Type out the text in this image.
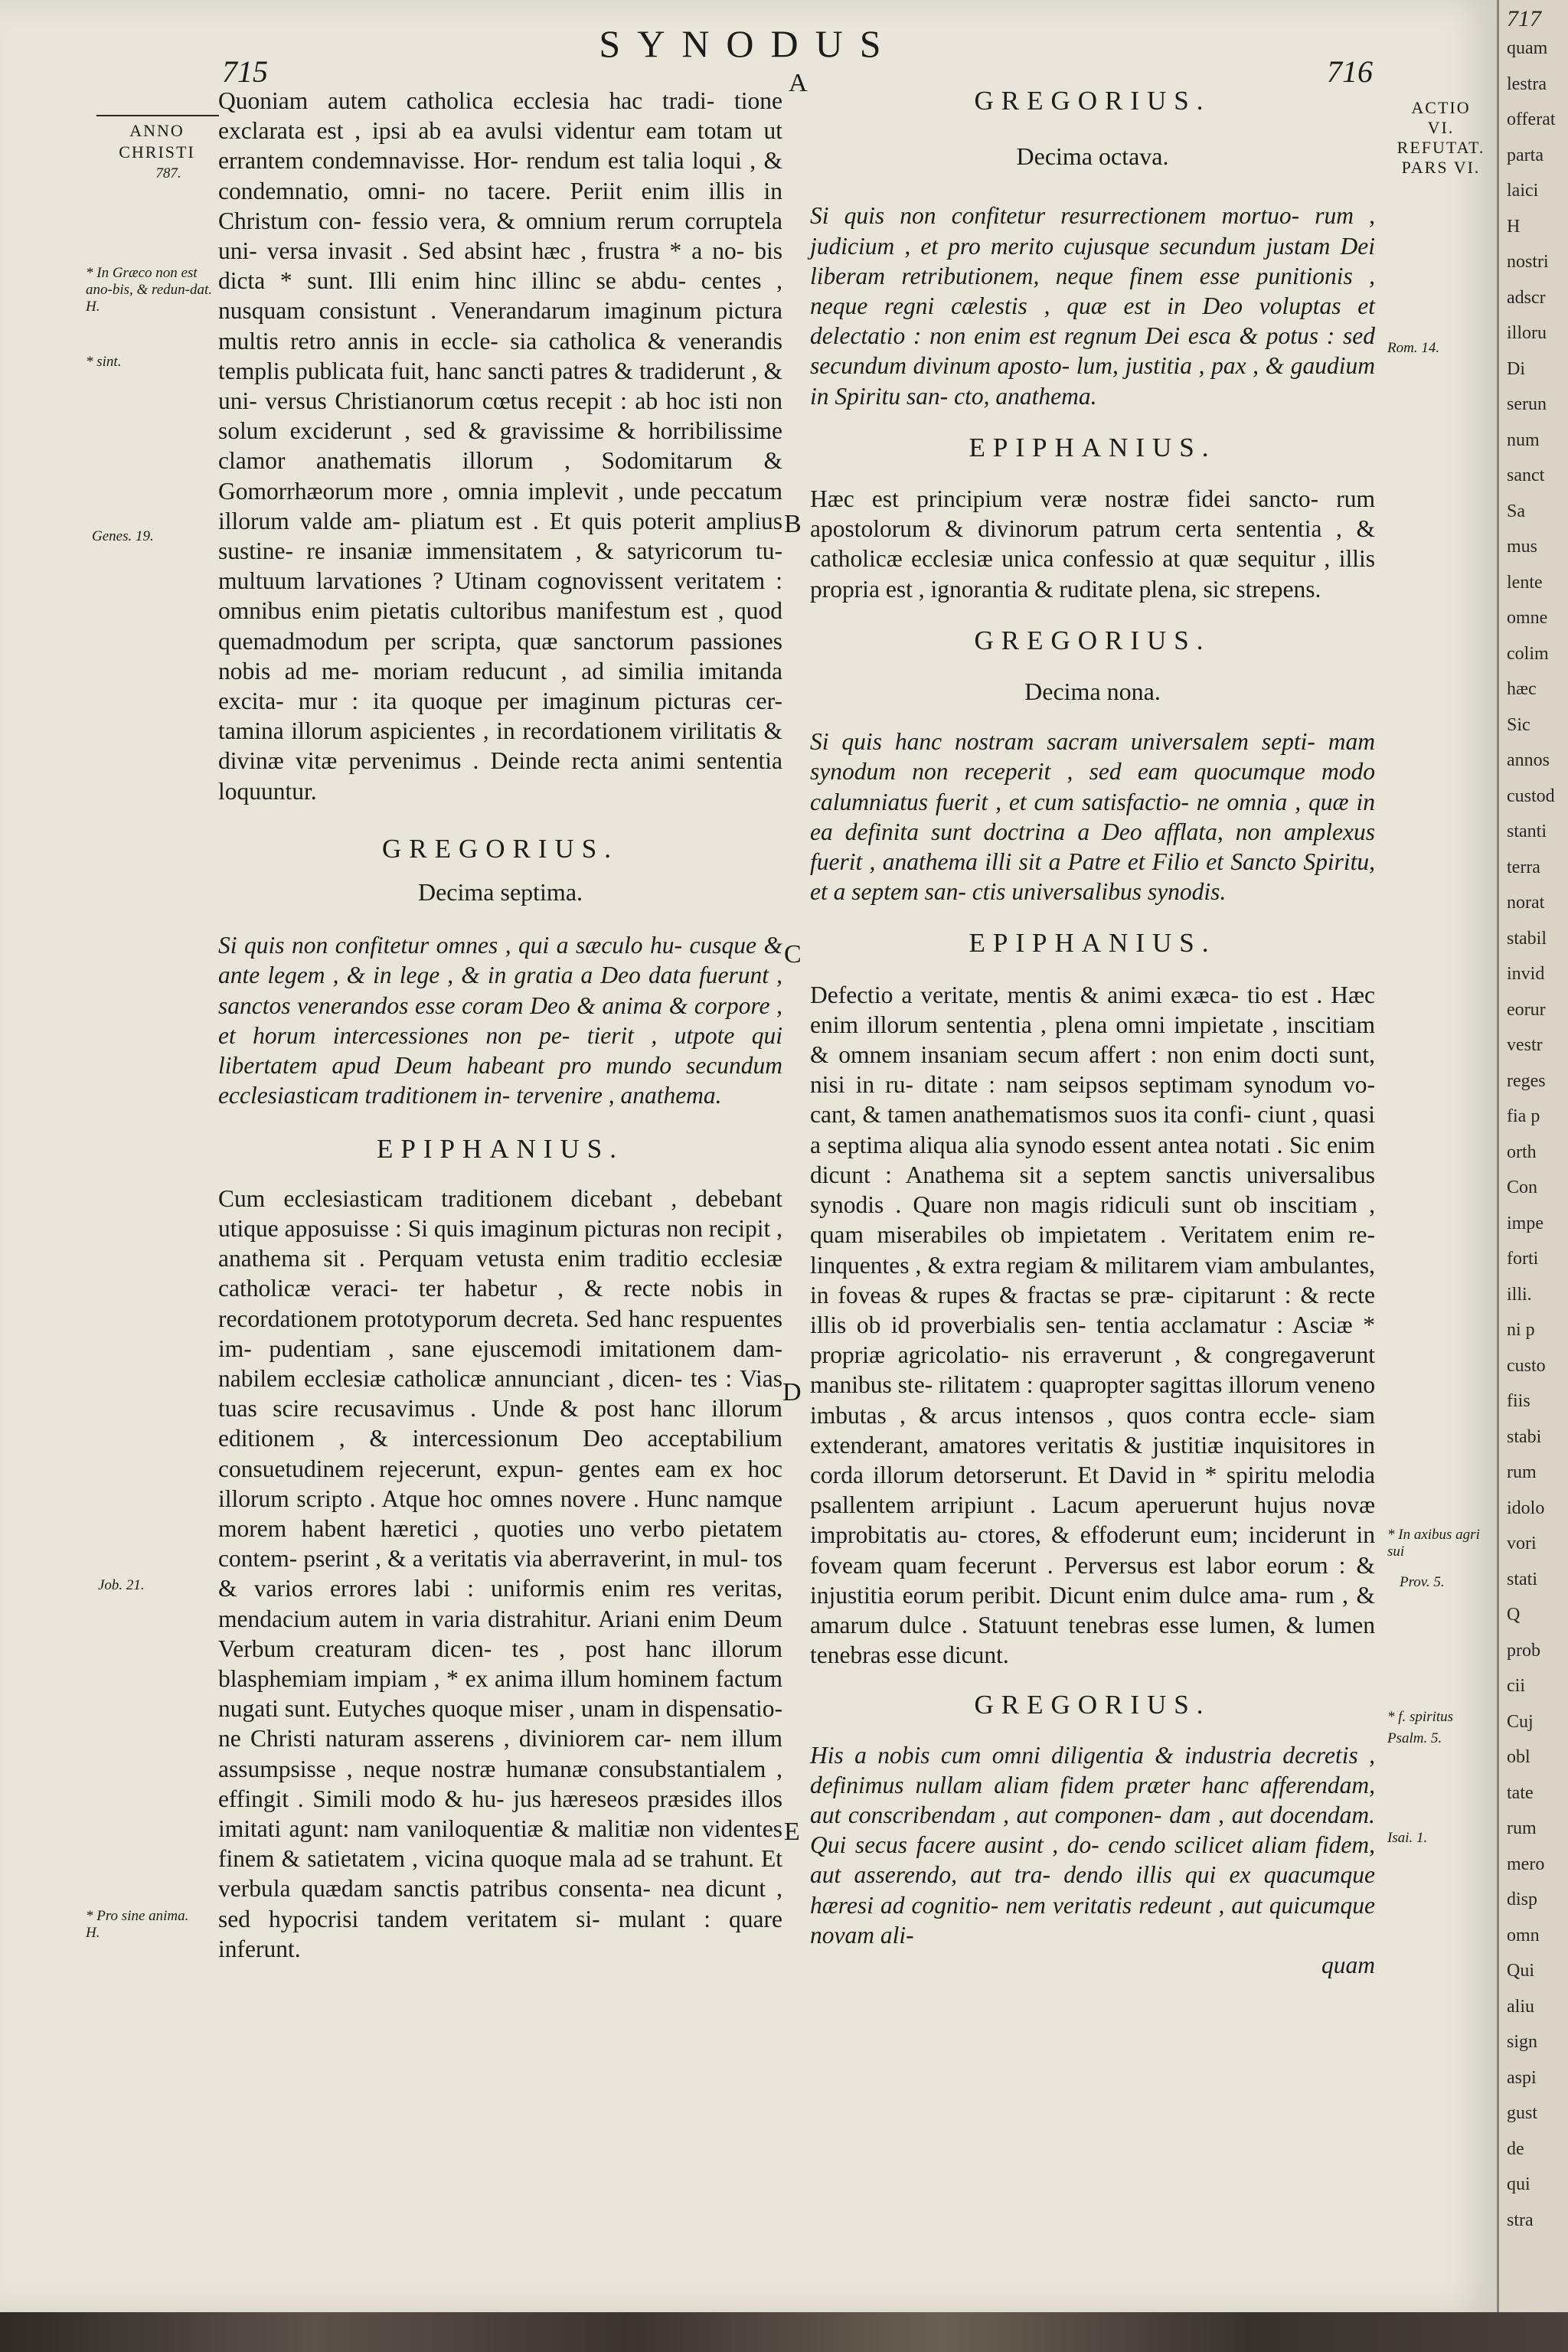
SYNODUS
715	716
ANNO
CHRISTI
787.
* In Græco non est ano-bis, & redun-dat. H.
* sint.
Genes. 19.
Job. 21.
* Pro sine anima. H.
A
B
C
D
E

Quoniam autem catholica ecclesia hac tradi- tione exclarata est , ipsi ab ea avulsi videntur eam totam ut errantem condemnavisse. Hor- rendum est talia loqui , & condemnatio, omni- no tacere. Periit enim illis in Christum con- fessio vera, & omnium rerum corruptela uni- versa invasit . Sed absint hæc , frustra * a no- bis dicta * sunt. Illi enim hinc illinc se abdu- centes , nusquam consistunt . Venerandarum imaginum pictura multis retro annis in eccle- sia catholica & venerandis templis publicata fuit, hanc sancti patres & tradiderunt , & uni- versus Christianorum cœtus recepit : ab hoc isti non solum exciderunt , sed & gravissime & horribilissime clamor anathematis illorum , Sodomitarum & Gomorrhæorum more , omnia implevit , unde peccatum illorum valde am- pliatum est . Et quis poterit amplius sustine- re insaniæ immensitatem , & satyricorum tu- multuum larvationes ? Utinam cognovissent veritatem : omnibus enim pietatis cultoribus manifestum est , quod quemadmodum per scripta, quæ sanctorum passiones nobis ad me- moriam reducunt , ad similia imitanda excita- mur : ita quoque per imaginum picturas cer- tamina illorum aspicientes , in recordationem virilitatis & divinæ vitæ pervenimus . Deinde recta animi sententia loquuntur.

GREGORIUS.
Decima septima.

Si quis non confitetur omnes , qui a sæculo hu- cusque & ante legem , & in lege , & in gratia a Deo data fuerunt , sanctos venerandos esse coram Deo & anima & corpore , et horum intercessiones non pe- tierit , utpote qui libertatem apud Deum habeant pro mundo secundum ecclesiasticam traditionem in- tervenire , anathema.

EPIPHANIUS.

Cum ecclesiasticam traditionem dicebant , debebant utique apposuisse : Si quis imaginum picturas non recipit , anathema sit . Perquam vetusta enim traditio ecclesiæ catholicæ veraci- ter habetur , & recte nobis in recordationem prototyporum decreta. Sed hanc respuentes im- pudentiam , sane ejuscemodi imitationem dam- nabilem ecclesiæ catholicæ annunciant , dicen- tes : Vias tuas scire recusavimus . Unde & post hanc illorum editionem , & intercessionum Deo acceptabilium consuetudinem rejecerunt, expun- gentes eam ex hoc illorum scripto . Atque hoc omnes novere . Hunc namque morem habent hæretici , quoties uno verbo pietatem contem- pserint , & a veritatis via aberraverint, in mul- tos & varios errores labi : uniformis enim res veritas, mendacium autem in varia distrahitur. Ariani enim Deum Verbum creaturam dicen- tes , post hanc illorum blasphemiam impiam , * ex anima illum hominem factum nugati sunt. Eutyches quoque miser , unam in dispensatio- ne Christi naturam asserens , diviniorem car- nem illum assumpsisse , neque nostræ humanæ consubstantialem , effingit . Simili modo & hu- jus hæreseos præsides illos imitati agunt: nam vaniloquentiæ & malitiæ non videntes finem & satietatem , vicina quoque mala ad se trahunt. Et verbula quædam sanctis patribus consenta- nea dicunt , sed hypocrisi tandem veritatem si- mulant : quare inferunt.

ACTIO
VI.
REFUTAT.
PARS VI.
Rom. 14.
* In axibus agri sui
Prov. 5.
* f. spiritus
Psalm. 5.
Isai. 1.
GREGORIUS.
Decima octava.

Si quis non confitetur resurrectionem mortuo- rum , judicium , et pro merito cujusque secundum justam Dei liberam retributionem, neque finem esse punitionis , neque regni cælestis , quæ est in Deo voluptas et delectatio : non enim est regnum Dei esca & potus : sed secundum divinum aposto- lum, justitia , pax , & gaudium in Spiritu san- cto, anathema.

EPIPHANIUS.

Hæc est principium veræ nostræ fidei sancto- rum apostolorum & divinorum patrum certa sententia , & catholicæ ecclesiæ unica confessio at quæ sequitur , illis propria est , ignorantia & ruditate plena, sic strepens.

GREGORIUS.
Decima nona.

Si quis hanc nostram sacram universalem septi- mam synodum non receperit , sed eam quocumque modo calumniatus fuerit , et cum satisfactio- ne omnia , quæ in ea definita sunt doctrina a Deo afflata, non amplexus fuerit , anathema illi sit a Patre et Filio et Sancto Spiritu, et a septem san- ctis universalibus synodis.

EPIPHANIUS.

Defectio a veritate, mentis & animi exæca- tio est . Hæc enim illorum sententia , plena omni impietate , inscitiam & omnem insaniam secum affert : non enim docti sunt, nisi in ru- ditate : nam seipsos septimam synodum vo- cant, & tamen anathematismos suos ita confi- ciunt , quasi a septima aliqua alia synodo essent antea notati . Sic enim dicunt : Anathema sit a septem sanctis universalibus synodis . Quare non magis ridiculi sunt ob inscitiam , quam miserabiles ob impietatem . Veritatem enim re- linquentes , & extra regiam & militarem viam ambulantes, in foveas & rupes & fractas se præ- cipitarunt : & recte illis ob id proverbialis sen- tentia acclamatur : Asciæ * propriæ agricolatio- nis erraverunt , & congregaverunt manibus ste- rilitatem : quapropter sagittas illorum veneno imbutas , & arcus intensos , quos contra eccle- siam extenderant, amatores veritatis & justitiæ inquisitores in corda illorum detorserunt. Et David in * spiritu melodia psallentem arripiunt . Lacum aperuerunt hujus novæ improbitatis au- ctores, & effoderunt eum; inciderunt in foveam quam fecerunt . Perversus est labor eorum : & injustitia eorum peribit. Dicunt enim dulce ama- rum , & amarum dulce . Statuunt tenebras esse lumen, & lumen tenebras esse dicunt.

GREGORIUS.

His a nobis cum omni diligentia & industria decretis , definimus nullam aliam fidem præter hanc afferendam, aut conscribendam , aut componen- dam , aut docendam. Qui secus facere ausint , do- cendo scilicet aliam fidem, aut asserendo, aut tra- dendo illis qui ex quacumque hæresi ad cognitio- nem veritatis redeunt , aut quicumque novam ali-

quam

717
quam
lestra
offerat
parta
laici
H
nostri
adscr
illoru
Di
serun
num
sanct
Sa
mus
lente
omne
colim
hæc
Sic
annos
custod
stanti
terra
norat
stabil
invid
eorur
vestr
reges
fia p
orth
Con
impe
forti
illi.
ni p
custo
fiis
stabi
rum
idolo
vori
stati
Q
prob
cii
Cuj
obl
tate
rum
mero
disp
omn
Qui
aliu
sign
aspi
gust
de
qui
stra
